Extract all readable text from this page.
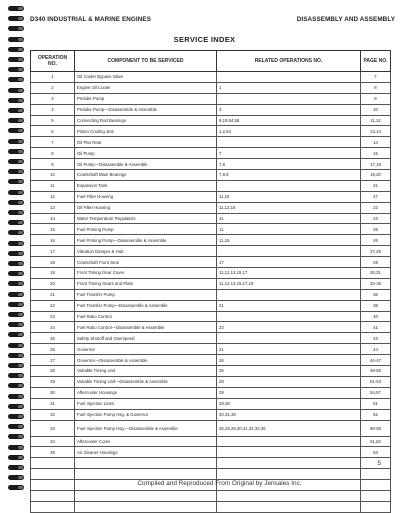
D340 INDUSTRIAL & MARINE ENGINES	DISASSEMBLY AND ASSEMBLY
SERVICE INDEX
OPERATION NO.	COMPONENT TO BE SERVICED	RELATED OPERATIONS NO.	PAGE NO.
1	Oil Cooler Bypass Valve		7
2	Engine Oil Cooler	1	8
3	Prelube Pump		9
4	Prelube Pump—Disassemble & Assemble	3	10
5	Connecting Rod Bearings	9,19,54,55	11,12
6	Piston Cooling Jets	1,2,54	13,14
7	Oil Pan Rear		14
8	Oil Pump	7	15
9	Oil Pump—Disassemble & Assemble	7,8	17,18
10	Crankshaft Main Bearings	7,8,9	19,20
11	Expansion Tank		21
12	Fuel Filter Housing	11,15	27
13	Oil Filter Housing	11,12,15	22
14	Water Temperature Regulators	11	23
15	Fuel Priming Pump	11	25
16	Fuel Priming Pump—Disassemble & Assemble	11,15	26
17	Vibration Damper & Hub		27,28
18	Crankshaft Front Seal	17	29
19	Front Timing Gear Cover	11,12,13,15,17	30,31
20	Front Timing Gears and Plate	11,12,13,15,17,19	32-35
21	Fuel Transfer Pump		36
22	Fuel Transfer Pump—Disassemble & Assemble	21	39
23	Fuel Ratio Control		40
24	Fuel Ratio Control—Disassemble & Assemble	23	41
25	Safety Shutoff and Overspeed		43
26	Governor	21	44
27	Governor—Disassemble & Assemble	26	44-47
28	Variable Timing Unit	26	48-50
29	Variable Timing Unit—Disassemble & Assemble	28	51-53
30	Aftercooler Housings	29	54,57
31	Fuel Injection Lines	29,38	51
32	Fuel Injection Pump Hsg. & Governor	20,31,38	52
33	Fuel Injection Pump Hsg.—Disassemble & Assemble	26,28,29,30,31,32,33,36	56-60
34	Aftercooler Cores		61,62
35	Air Cleaner Housings		63

5
Compiled and Reproduced From Original by Jensales Inc.
